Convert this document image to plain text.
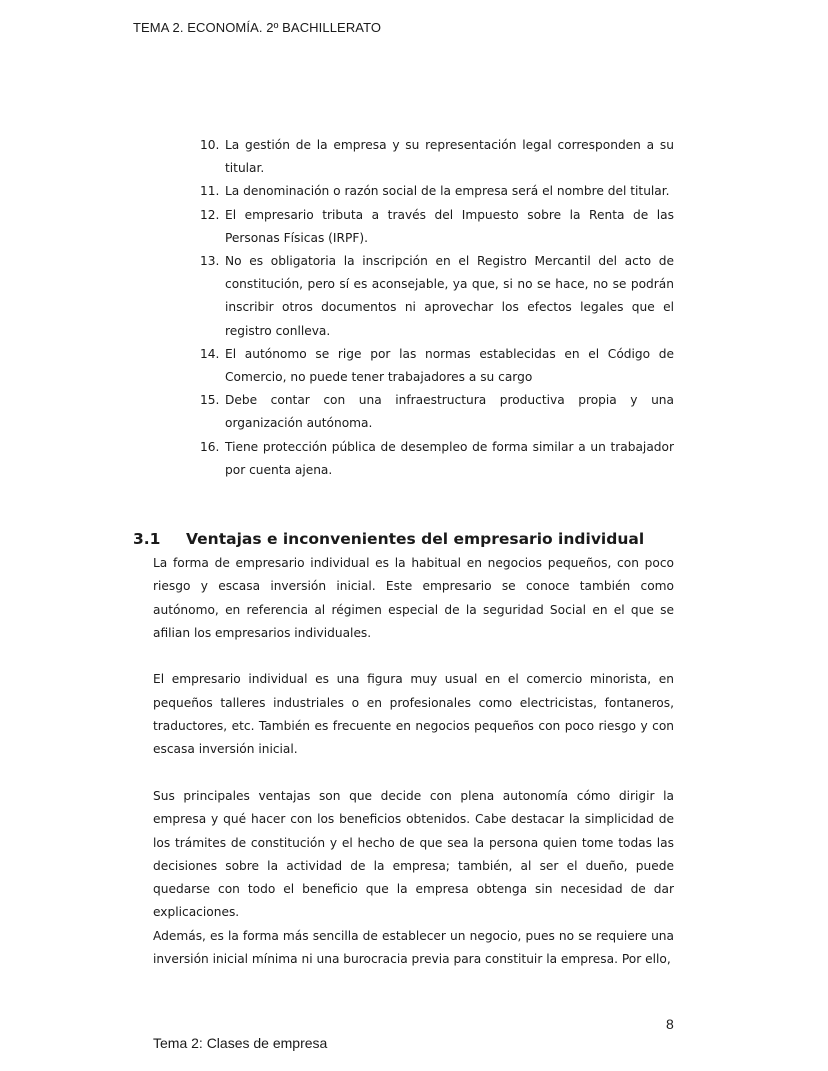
TEMA 2. ECONOMÍA. 2º BACHILLERATO
10. La gestión de la empresa y su representación legal corresponden a su titular.
11. La denominación o razón social de la empresa será el nombre del titular.
12. El empresario tributa a través del Impuesto sobre la Renta de las Personas Físicas (IRPF).
13. No es obligatoria la inscripción en el Registro Mercantil del acto de constitución, pero sí es aconsejable, ya que, si no se hace, no se podrán inscribir otros documentos ni aprovechar los efectos legales que el registro conlleva.
14. El autónomo se rige por las normas establecidas en el Código de Comercio, no puede tener trabajadores a su cargo
15. Debe contar con una infraestructura productiva propia y una organización autónoma.
16. Tiene protección pública de desempleo de forma similar a un trabajador por cuenta ajena.
3.1 Ventajas e inconvenientes del empresario individual

La forma de empresario individual es la habitual en negocios pequeños, con poco riesgo y escasa inversión inicial. Este empresario se conoce también como autónomo, en referencia al régimen especial de la seguridad Social en el que se afilian los empresarios individuales.

El empresario individual es una figura muy usual en el comercio minorista, en pequeños talleres industriales o en profesionales como electricistas, fontaneros, traductores, etc. También es frecuente en negocios pequeños con poco riesgo y con escasa inversión inicial.

Sus principales ventajas son que decide con plena autonomía cómo dirigir la empresa y qué hacer con los beneficios obtenidos. Cabe destacar la simplicidad de los trámites de constitución y el hecho de que sea la persona quien tome todas las decisiones sobre la actividad de la empresa; también, al ser el dueño, puede quedarse con todo el beneficio que la empresa obtenga sin necesidad de dar explicaciones.

Además, es la forma más sencilla de establecer un negocio, pues no se requiere una inversión inicial mínima ni una burocracia previa para constituir la empresa. Por ello,

8
Tema 2: Clases de empresa
